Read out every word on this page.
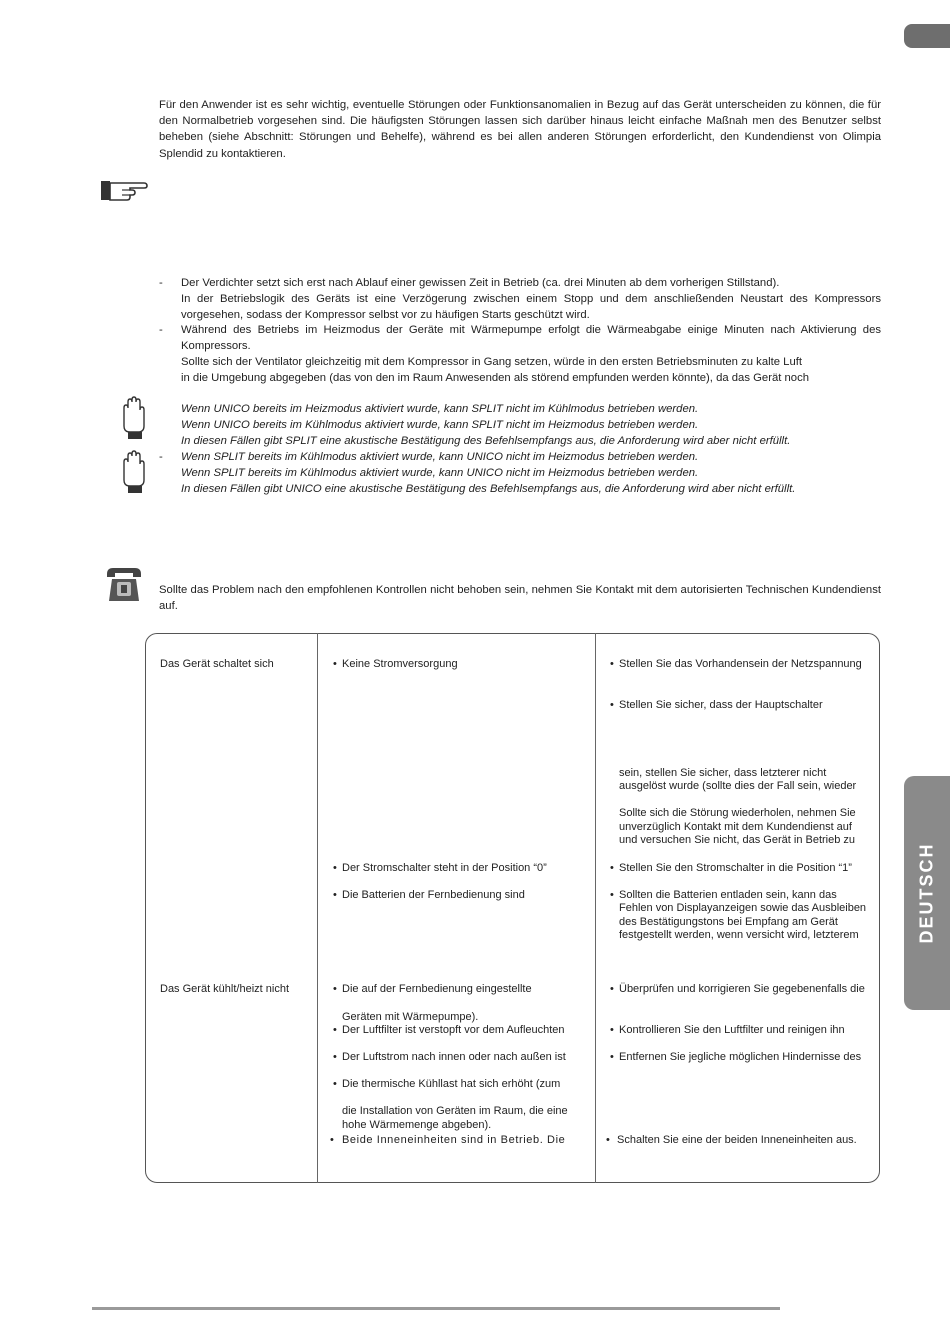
DEUTSCH
Für den Anwender ist es sehr wichtig, eventuelle Störungen oder Funktionsanomalien in Bezug auf das Gerät unterscheiden zu können, die für den Normalbetrieb vorgesehen sind. Die häufigsten Störungen lassen sich darüber hinaus leicht einfache Maßnah men des Benutzer selbst beheben (siehe Abschnitt: Störungen und Behelfe), während es bei allen anderen Störungen erforderlicht, den Kundendienst von Olimpia Splendid zu kontaktieren.
- Der Verdichter setzt sich erst nach Ablauf einer gewissen Zeit in Betrieb (ca. drei Minuten ab dem vorherigen Stillstand).
In der Betriebslogik des Geräts ist eine Verzögerung zwischen einem Stopp und dem anschließenden Neustart des Kompressors vorgesehen, sodass der Kompressor selbst vor zu häufigen Starts geschützt wird.
- Während des Betriebs im Heizmodus der Geräte mit Wärmepumpe erfolgt die Wärmeabgabe einige Minuten nach Aktivierung des Kompressors.
Sollte sich der Ventilator gleichzeitig mit dem Kompressor in Gang setzen, würde in den ersten Betriebsminuten zu kalte Luft
in die Umgebung abgegeben (das von den im Raum Anwesenden als störend empfunden werden könnte), da das Gerät noch
Wenn UNICO bereits im Heizmodus aktiviert wurde, kann SPLIT nicht im Kühlmodus betrieben werden.
Wenn UNICO bereits im Kühlmodus aktiviert wurde, kann SPLIT nicht im Heizmodus betrieben werden.
In diesen Fällen gibt SPLIT eine akustische Bestätigung des Befehlsempfangs aus, die Anforderung wird aber nicht erfüllt.
- Wenn SPLIT bereits im Kühlmodus aktiviert wurde, kann UNICO nicht im Heizmodus betrieben werden.
Wenn SPLIT bereits im Kühlmodus aktiviert wurde, kann UNICO nicht im Heizmodus betrieben werden.
In diesen Fällen gibt UNICO eine akustische Bestätigung des Befehlsempfangs aus, die Anforderung wird aber nicht erfüllt.
Sollte das Problem nach den empfohlenen Kontrollen nicht behoben sein, nehmen Sie Kontakt mit dem autorisierten Technischen Kundendienst auf.
Das Gerät schaltet sich
Das Gerät kühlt/heizt nicht
• Keine Stromversorgung
• Der Stromschalter steht in der Position “0”
• Die Batterien der Fernbedienung sind
• Die auf der Fernbedienung eingestellte
Geräten mit Wärmepumpe).
• Der Luftfilter ist verstopft vor dem Aufleuchten
• Der Luftstrom nach innen oder nach außen ist
• Die thermische Kühllast hat sich erhöht (zum
die Installation von Geräten im Raum, die eine
hohe Wärmemenge abgeben).
• Beide Inneneinheiten sind in Betrieb. Die
• Stellen Sie das Vorhandensein der Netzspannung
• Stellen Sie sicher, dass der Hauptschalter
sein, stellen Sie sicher, dass letzterer nicht
ausgelöst wurde (sollte dies der Fall sein, wieder
Sollte sich die Störung wiederholen, nehmen Sie
unverzüglich Kontakt mit dem Kundendienst auf
und versuchen Sie nicht, das Gerät in Betrieb zu
• Stellen Sie den Stromschalter in die Position “1”
• Sollten die Batterien entladen sein, kann das
Fehlen von Displayanzeigen sowie das Ausbleiben
des Bestätigungstons bei Empfang am Gerät
festgestellt werden, wenn versicht wird, letzterem
• Überprüfen und korrigieren Sie gegebenenfalls die
• Kontrollieren Sie den Luftfilter und reinigen ihn
• Entfernen Sie jegliche möglichen Hindernisse des
• Schalten Sie eine der beiden Inneneinheiten aus.
